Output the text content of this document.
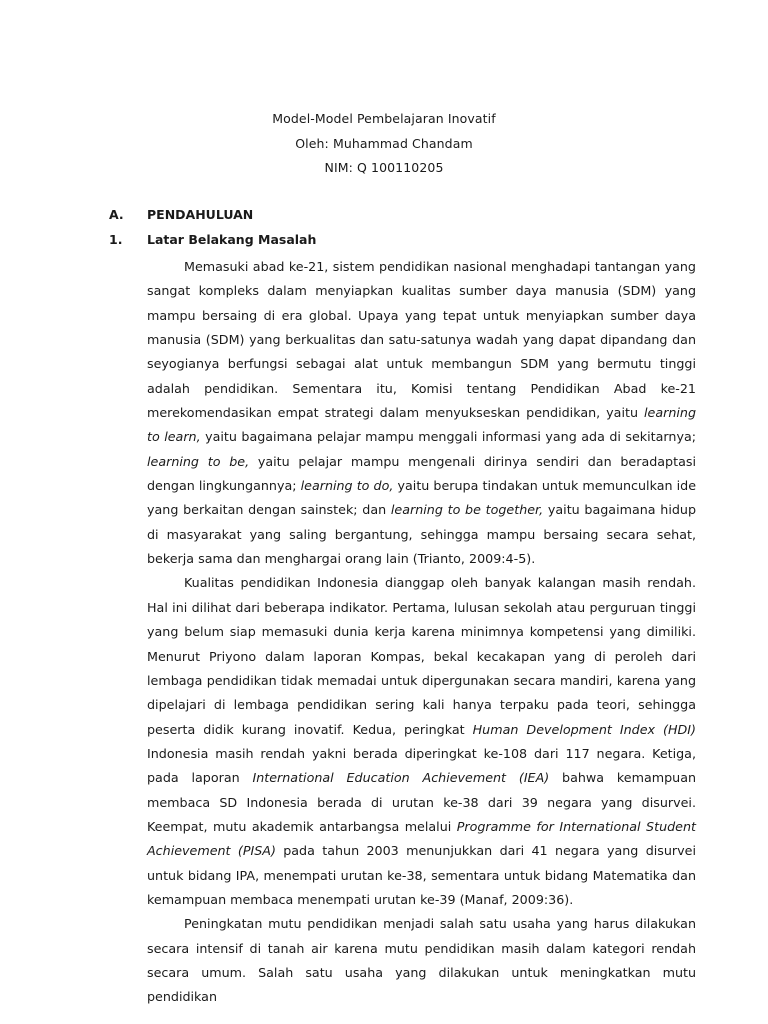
Model-Model Pembelajaran Inovatif
Oleh: Muhammad Chandam
NIM: Q 100110205
A. PENDAHULUAN
1. Latar Belakang Masalah

Memasuki abad ke-21, sistem pendidikan nasional menghadapi tantangan yang sangat kompleks dalam menyiapkan kualitas sumber daya manusia (SDM) yang mampu bersaing di era global. Upaya yang tepat untuk menyiapkan sumber daya manusia (SDM) yang berkualitas dan satu-satunya wadah yang dapat dipandang dan seyogianya berfungsi sebagai alat untuk membangun SDM yang bermutu tinggi adalah pendidikan. Sementara itu, Komisi tentang Pendidikan Abad ke-21 merekomendasikan empat strategi dalam menyukseskan pendidikan, yaitu learning to learn, yaitu bagaimana pelajar mampu menggali informasi yang ada di sekitarnya; learning to be, yaitu pelajar mampu mengenali dirinya sendiri dan beradaptasi dengan lingkungannya; learning to do, yaitu berupa tindakan untuk memunculkan ide yang berkaitan dengan sainstek; dan learning to be together, yaitu bagaimana hidup di masyarakat yang saling bergantung, sehingga mampu bersaing secara sehat, bekerja sama dan menghargai orang lain (Trianto, 2009:4-5).

Kualitas pendidikan Indonesia dianggap oleh banyak kalangan masih rendah. Hal ini dilihat dari beberapa indikator. Pertama, lulusan sekolah atau perguruan tinggi yang belum siap memasuki dunia kerja karena minimnya kompetensi yang dimiliki. Menurut Priyono dalam laporan Kompas, bekal kecakapan yang di peroleh dari lembaga pendidikan tidak memadai untuk dipergunakan secara mandiri, karena yang dipelajari di lembaga pendidikan sering kali hanya terpaku pada teori, sehingga peserta didik kurang inovatif. Kedua, peringkat Human Development Index (HDI) Indonesia masih rendah yakni berada diperingkat ke-108 dari 117 negara. Ketiga, pada laporan International Education Achievement (IEA) bahwa kemampuan membaca SD Indonesia berada di urutan ke-38 dari 39 negara yang disurvei. Keempat, mutu akademik antarbangsa melalui Programme for International Student Achievement (PISA) pada tahun 2003 menunjukkan dari 41 negara yang disurvei untuk bidang IPA, menempati urutan ke-38, sementara untuk bidang Matematika dan kemampuan membaca menempati urutan ke-39 (Manaf, 2009:36).

Peningkatan mutu pendidikan menjadi salah satu usaha yang harus dilakukan secara intensif di tanah air karena mutu pendidikan masih dalam kategori rendah secara umum. Salah satu usaha yang dilakukan untuk meningkatkan mutu pendidikan
